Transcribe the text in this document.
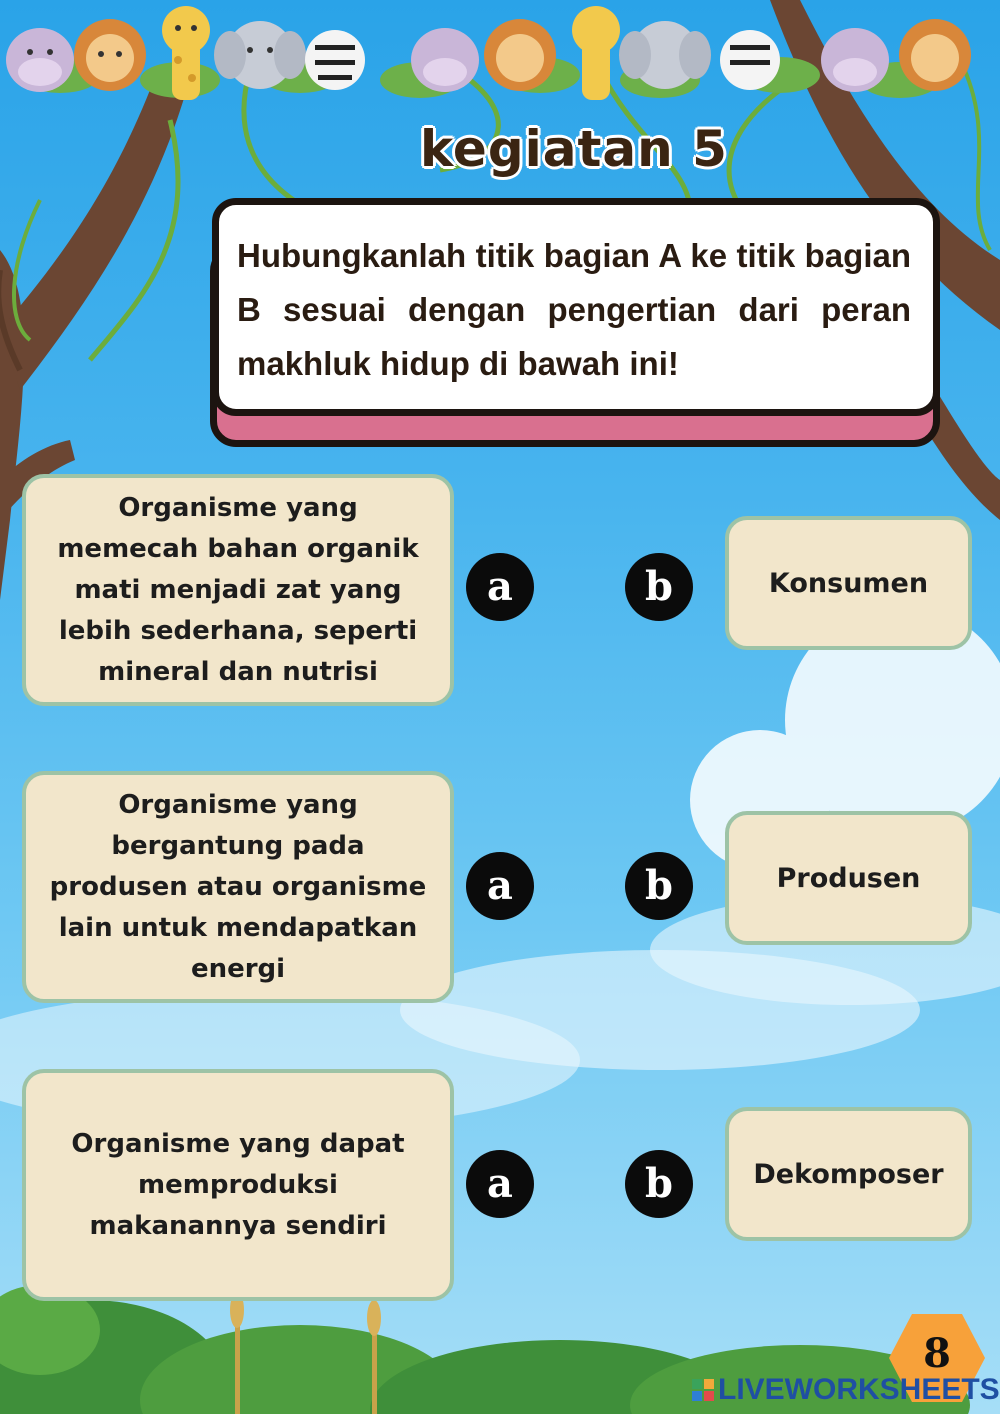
kegiatan 5

Hubungkanlah titik bagian A ke titik bagian B sesuai dengan pengertian dari peran makhluk hidup di bawah ini!

Organisme yang memecah bahan organik mati menjadi zat yang lebih sederhana, seperti mineral dan nutrisi
a	b	Konsumen
Organisme yang bergantung pada produsen atau organisme lain untuk mendapatkan energi
a	b	Produsen
Organisme yang dapat memproduksi makanannya sendiri
a	b	Dekomposer
8
LIVEWORKSHEETS
